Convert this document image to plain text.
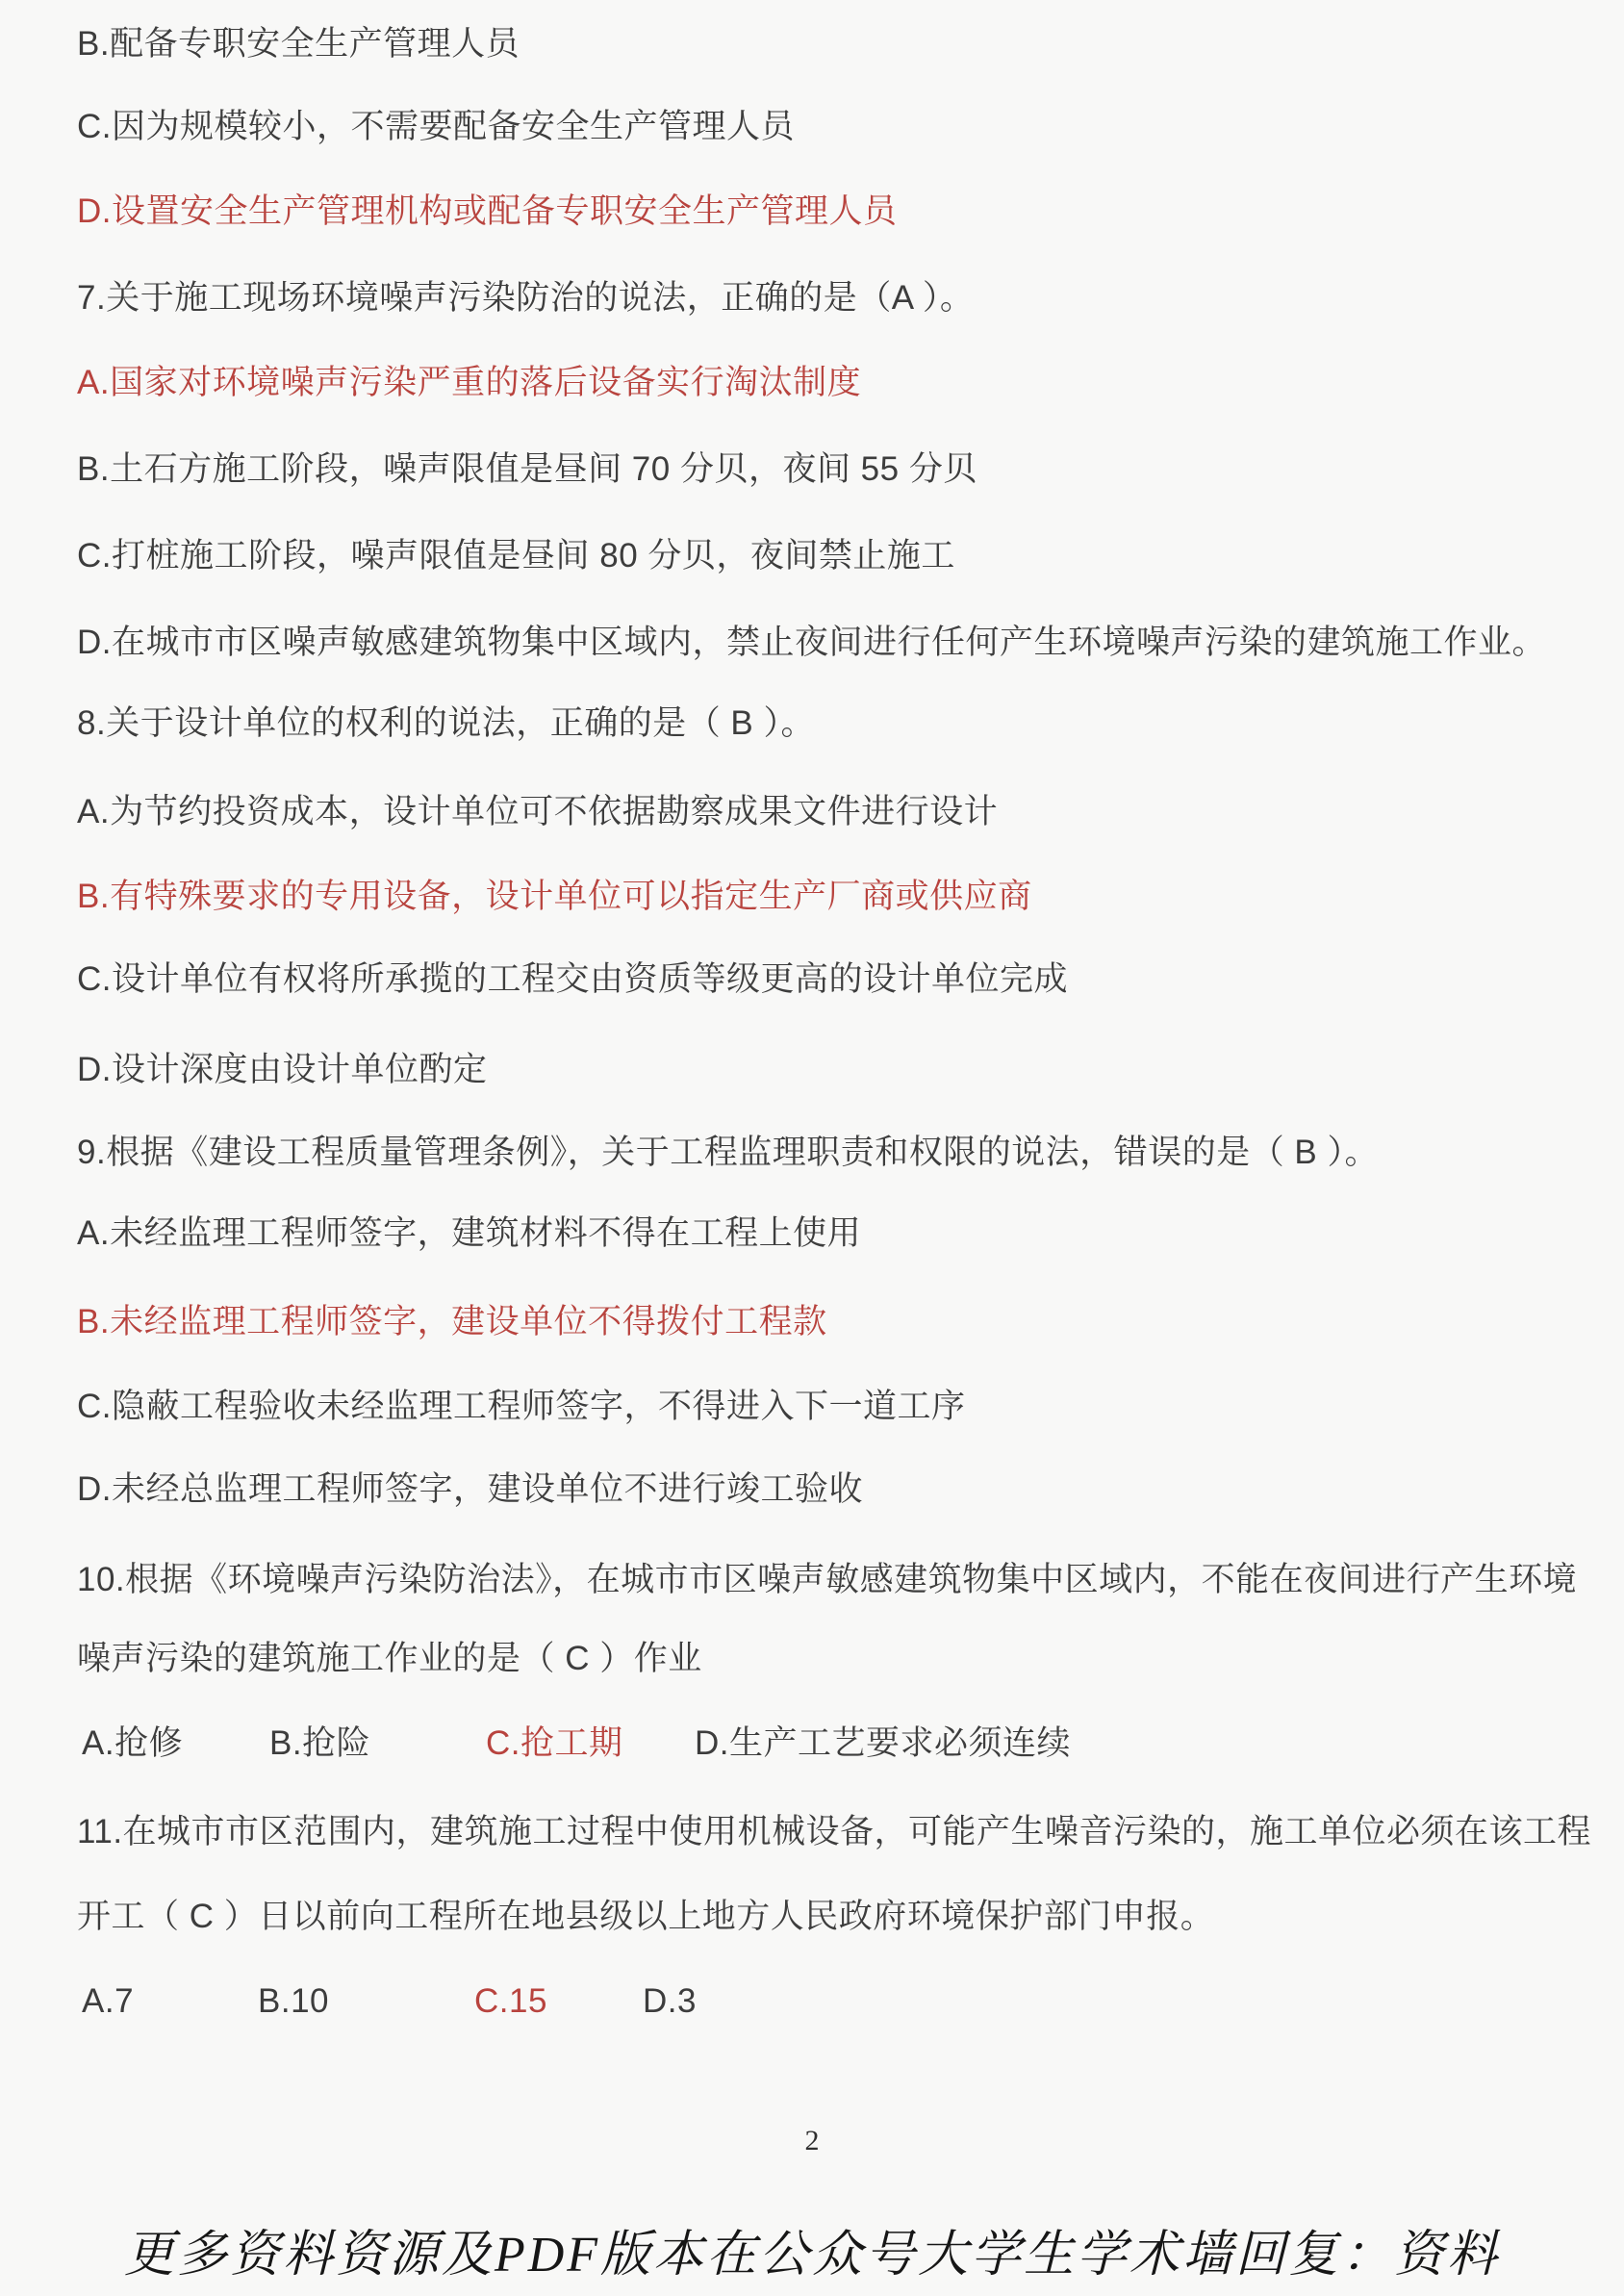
B.配备专职安全生产管理人员
C.因为规模较小，不需要配备安全生产管理人员
D.设置安全生产管理机构或配备专职安全生产管理人员
7.关于施工现场环境噪声污染防治的说法，正确的是（A ）。
A.国家对环境噪声污染严重的落后设备实行淘汰制度
B.土石方施工阶段，噪声限值是昼间 70 分贝，夜间 55 分贝
C.打桩施工阶段，噪声限值是昼间 80 分贝，夜间禁止施工
D.在城市市区噪声敏感建筑物集中区域内，禁止夜间进行任何产生环境噪声污染的建筑施工作业。
8.关于设计单位的权利的说法，正确的是（ B ）。
A.为节约投资成本，设计单位可不依据勘察成果文件进行设计
B.有特殊要求的专用设备，设计单位可以指定生产厂商或供应商
C.设计单位有权将所承揽的工程交由资质等级更高的设计单位完成
D.设计深度由设计单位酌定
9.根据《建设工程质量管理条例》，关于工程监理职责和权限的说法，错误的是（ B ）。
A.未经监理工程师签字，建筑材料不得在工程上使用
B.未经监理工程师签字，建设单位不得拨付工程款
C.隐蔽工程验收未经监理工程师签字，不得进入下一道工序
D.未经总监理工程师签字，建设单位不进行竣工验收
10.根据《环境噪声污染防治法》，在城市市区噪声敏感建筑物集中区域内，不能在夜间进行产生环境
噪声污染的建筑施工作业的是（ C ）作业
A.抢修	B.抢险	C.抢工期 D.生产工艺要求必须连续
11.在城市市区范围内，建筑施工过程中使用机械设备，可能产生噪音污染的，施工单位必须在该工程
开工（ C ）日以前向工程所在地县级以上地方人民政府环境保护部门申报。
A.7	B.10	C.15	D.3
2
更多资料资源及PDF版本在公众号大学生学术墙回复：资料
